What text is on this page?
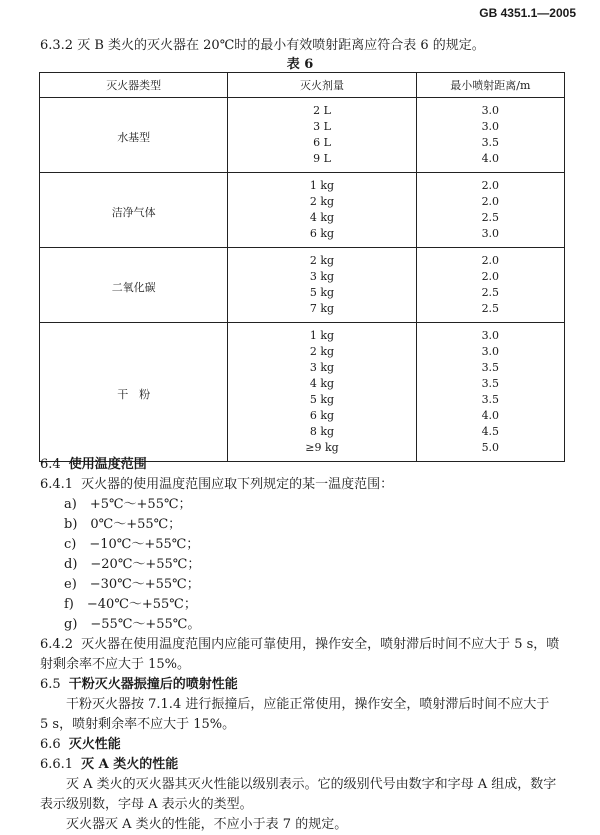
GB 4351.1—2005
6.3.2 灭 B 类火的灭火器在 20℃时的最小有效喷射距离应符合表 6 的规定。
表 6
灭火器类型	灭火剂量	最小喷射距离/m
水基型	2 L	3.0
	3 L	3.0
	6 L	3.5
	9 L	4.0
洁净气体	1 kg	2.0
	2 kg	2.0
	4 kg	2.5
	6 kg	3.0
二氧化碳	2 kg	2.0
	3 kg	2.0
	5 kg	2.5
	7 kg	2.5
干　粉	1 kg	3.0
	2 kg	3.0
	3 kg	3.5
	4 kg	3.5
	5 kg	3.5
	6 kg	4.0
	8 kg	4.5
	≥9 kg	5.0

6.4 使用温度范围

6.4.1 灭火器的使用温度范围应取下列规定的某一温度范围：

a)　+5℃～+55℃；

b)　0℃～+55℃；

c)　−10℃～+55℃；

d)　−20℃～+55℃；

e)　−30℃～+55℃；

f)　−40℃～+55℃；

g)　−55℃～+55℃。

6.4.2 灭火器在使用温度范围内应能可靠使用，操作安全，喷射滞后时间不应大于 5 s，喷射剩余率不应大于 15%。

6.5 干粉灭火器振撞后的喷射性能

干粉灭火器按 7.1.4 进行振撞后，应能正常使用，操作安全，喷射滞后时间不应大于 5 s，喷射剩余率不应大于 15%。

6.6 灭火性能

6.6.1 灭 A 类火的性能

灭 A 类火的灭火器其灭火性能以级别表示。它的级别代号由数字和字母 A 组成，数字表示级别数，字母 A 表示火的类型。

灭火器灭 A 类火的性能，不应小于表 7 的规定。
